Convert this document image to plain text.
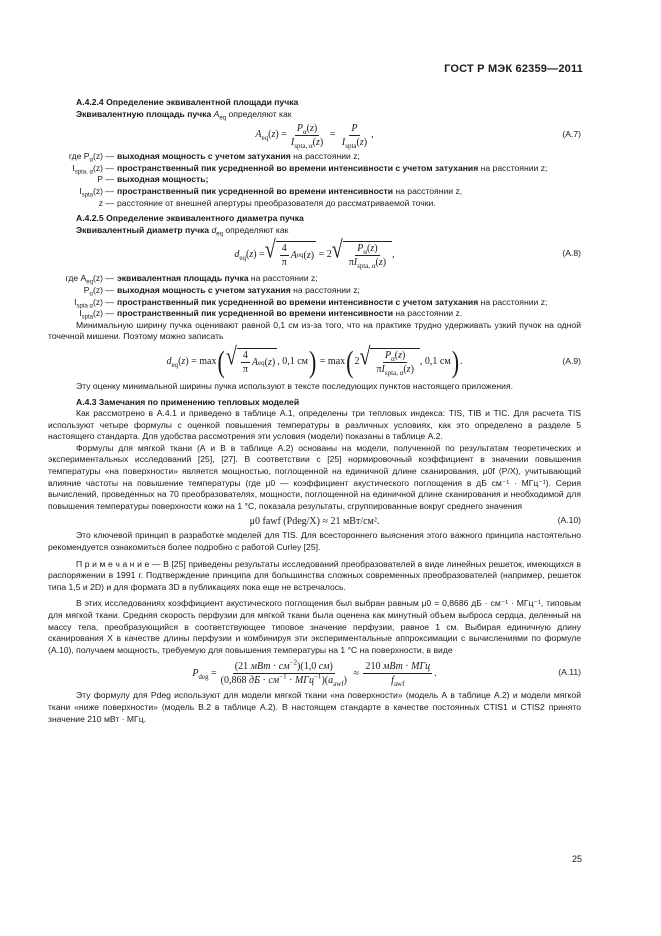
ГОСТ Р МЭК 62359—2011

А.4.2.4 Определение эквивалентной площади пучка

Эквивалентную площадь пучка $A_{eq}$ определяют как

$A_{eq}(z) = \frac{P_\alpha(z)}{I_{spta, \alpha}(z)} = \frac{P}{I_{spta}(z)}$ ,	(А.7)
где $P_\alpha(z)$ — выходная мощность с учетом затухания на расстоянии z;
$I_{spta, \alpha}(z)$ — пространственный пик усредненной во времени интенсивности с учетом затухания на расстоянии z;
P — выходная мощность;
$I_{spta}(z)$ — пространственный пик усредненной во времени интенсивности на расстоянии z,
z — расстояние от внешней апертуры преобразователя до рассматриваемой точки.

А.4.2.5 Определение эквивалентного диаметра пучка

Эквивалентный диаметр пучка $d_{eq}$ определяют как

$d_{eq}(z)$ = √ $\frac{4}{\pi}$ A eq ( z ) = 2 √ $\frac{P_\alpha(z)}{\pi I_{spta, \alpha}(z)}$ ,	(А.8)
где $A_{eq}(z)$ — эквивалентная площадь пучка на расстоянии z;
$P_\alpha(z)$ — выходная мощность с учетом затухания на расстоянии z;
$I_{spta \alpha}(z)$ — пространственный пик усредненной во времени интенсивности с учетом затухания на расстоянии z;
$I_{spta}(z)$ — пространственный пик усредненной во времени интенсивности на расстоянии z.

Минимальную ширину пучка оценивают равной 0,1 см из-за того, что на практике трудно удерживать узкий пучок на одной точечной мишени. Поэтому можно записать

$d_{eq}(z) = \max$ ( √ $\frac{4}{\pi}$ A eq ( z ) , 0,1 см ) = max ( 2 √ $\frac{P_\alpha(z)}{\pi I_{spta, \alpha}(z)}$ , 0,1 см ) .	(А.9)

Эту оценку минимальной ширины пучка используют в тексте последующих пунктов настоящего приложения.

А.4.3 Замечания по применению тепловых моделей

Как рассмотрено в А.4.1 и приведено в таблице А.1, определены три тепловых индекса: TIS, TIB и TIC. Для расчета TIS используют четыре формулы с оценкой повышения температуры в различных условиях, как это определено в разделе 5 настоящего стандарта. Для удобства рассмотрения эти условия (модели) показаны в таблице А.2.

Формулы для мягкой ткани (А и В в таблице А.2) основаны на модели, полученной по результатам теоретических и экспериментальных исследований [25], [27]. В соответствии с [25] нормировочный коэффициент в значении повышения температуры «на поверхности» является мощностью, поглощенной на единичной длине сканирования, μ0f (P/X), учитывающий влияние частоты на повышение температуры (где μ0 — коэффициент акустического поглощения в дБ см⁻¹ · МГц⁻¹). Серия вычислений, проведенных на 70 преобразователях, мощности, поглощенной на единичной длине сканирования и необходимой для повышения температуры поверхности кожи на 1 °С, показала результаты, сгруппированные вокруг среднего значения

μ0 fawf (Pdeg/X) ≈ 21 мВт/см².	(А.10)

Это ключевой принцип в разработке моделей для TIS. Для всестороннего выяснения этого важного принципа настоятельно рекомендуется ознакомиться более подробно с работой Curley [25].

П р и м е ч а н и е — В [25] приведены результаты исследований преобразователей в виде линейных решеток, имеющихся в распоряжении в 1991 г. Подтверждение принципа для большинства сложных современных преобразователей (например, решеток типа 1,5 и 2D) и для формата 3D в публикациях пока еще не встречалось.

В этих исследованиях коэффициент акустического поглощения был выбран равным μ0 = 0,8686 дБ · см⁻¹ · МГц⁻¹, типовым для мягкой ткани. Средняя скорость перфузии для мягкой ткани была оценена как минутный объем выброса сердца, деленный на массу тела, преобразующийся в соответствующее типовое значение перфузии, равное 1 см. Выбирая единичную длину сканирования X в качестве длины перфузии и комбинируя эти экспериментальные аппроксимации с вычислениями по формуле (А.10), получаем мощность, требуемую для повышения температуры на 1 °С на поверхности, в виде

$P_{deg} = \frac{(21 мВт \cdot см^{-2})(1,0 см)}{(0,868 дБ \cdot см^{-1} \cdot МГц^{-1})(a_{awf})} \approx \frac{\text{210 мВт · МГц}}{f_{awf}}$ .	(А.11)

Эту формулу для Pdeg используют для модели мягкой ткани «на поверхности» (модель А в таблице А.2) и модели мягкой ткани «ниже поверхности» (модель В.2 в таблице А.2). В настоящем стандарте в качестве постоянных CTIS1 и CTIS2 принято значение 210 мВт · МГц.

25
